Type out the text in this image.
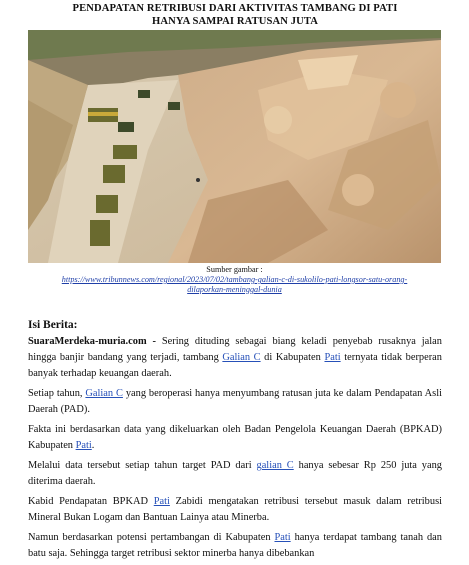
PENDAPATAN RETRIBUSI DARI AKTIVITAS TAMBANG DI PATI
HANYA SAMPAI RATUSAN JUTA
Sumber gambar :
https://www.tribunnews.com/regional/2023/07/02/tambang-galian-c-di-sukolilo-pati-longsor-satu-orang-
dilaporkan-meninggal-dunia
Isi Berita:
SuaraMerdeka-muria.com - Sering dituding sebagai biang keladi penyebab rusaknya jalan hingga banjir bandang yang terjadi, tambang Galian C di Kabupaten Pati ternyata tidak berperan banyak terhadap keuangan daerah.
Setiap tahun, Galian C yang beroperasi hanya menyumbang ratusan juta ke dalam Pendapatan Asli Daerah (PAD).
Fakta ini berdasarkan data yang dikeluarkan oleh Badan Pengelola Keuangan Daerah (BPKAD) Kabupaten Pati.
Melalui data tersebut setiap tahun target PAD dari galian C hanya sebesar Rp 250 juta yang diterima daerah.
Kabid Pendapatan BPKAD Pati Zabidi mengatakan retribusi tersebut masuk dalam retribusi Mineral Bukan Logam dan Bantuan Lainya atau Minerba.
Namun berdasarkan potensi pertambangan di Kabupaten Pati hanya terdapat tambang tanah dan batu saja. Sehingga target retribusi sektor minerba hanya dibebankan
